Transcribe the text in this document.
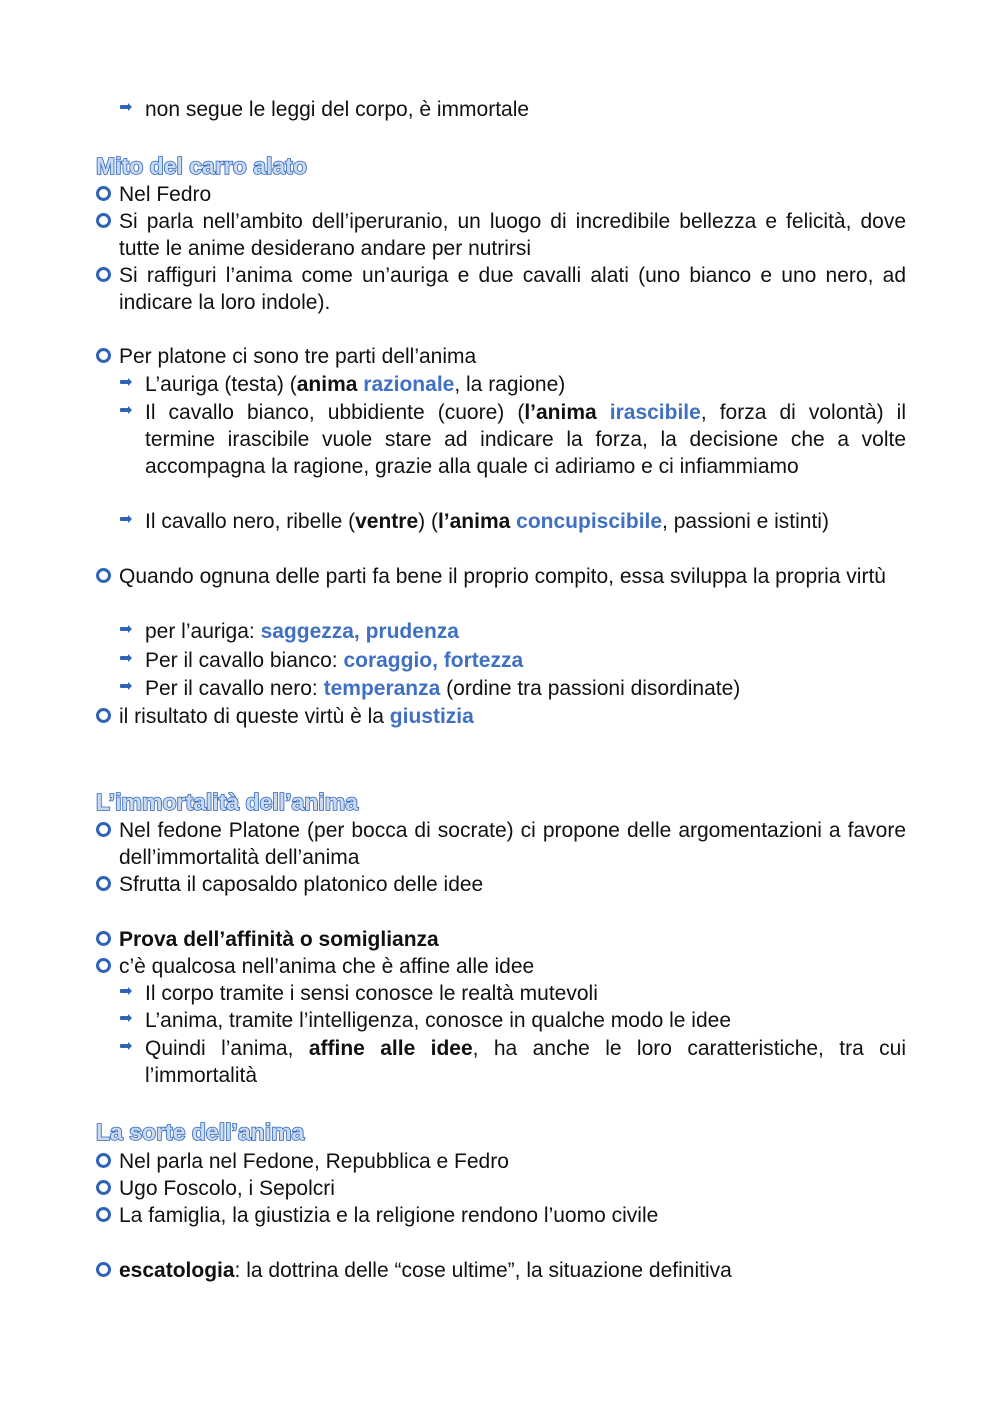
non segue le leggi del corpo, è immortale
Mito del carro alato
Nel Fedro
Si parla nell’ambito dell’iperuranio, un luogo di incredibile bellezza e felicità, dove tutte le anime desiderano andare per nutrirsi
Si raffiguri l’anima come un’auriga e due cavalli alati (uno bianco e uno nero, ad indicare la loro indole).
Per platone ci sono tre parti dell’anima
L’auriga (testa) (anima razionale, la ragione)
Il cavallo bianco, ubbidiente (cuore) (l’anima irascibile, forza di volontà) il termine irascibile vuole stare ad indicare la forza, la decisione che a volte accompagna la ragione, grazie alla quale ci adiriamo e ci infiammiamo
Il cavallo nero, ribelle (ventre) (l’anima concupiscibile, passioni e istinti)
Quando ognuna delle parti fa bene il proprio compito, essa sviluppa la propria virtù
per l’auriga: saggezza, prudenza
Per il cavallo bianco: coraggio, fortezza
Per il cavallo nero: temperanza (ordine tra passioni disordinate)
il risultato di queste virtù è la giustizia
L’immortalità dell’anima
Nel fedone Platone (per bocca di socrate) ci propone delle argomentazioni a favore dell’immortalità dell’anima
Sfrutta il caposaldo platonico delle idee
Prova dell’affinità o somiglianza
c’è qualcosa nell’anima che è affine alle idee
Il corpo tramite i sensi conosce le realtà mutevoli
L’anima, tramite l’intelligenza, conosce in qualche modo le idee
Quindi l’anima, affine alle idee, ha anche le loro caratteristiche, tra cui l’immortalità
La sorte dell’anima
Nel parla nel Fedone, Repubblica e Fedro
Ugo Foscolo, i Sepolcri
La famiglia, la giustizia e la religione rendono l’uomo civile
escatologia: la dottrina delle “cose ultime”, la situazione definitiva
